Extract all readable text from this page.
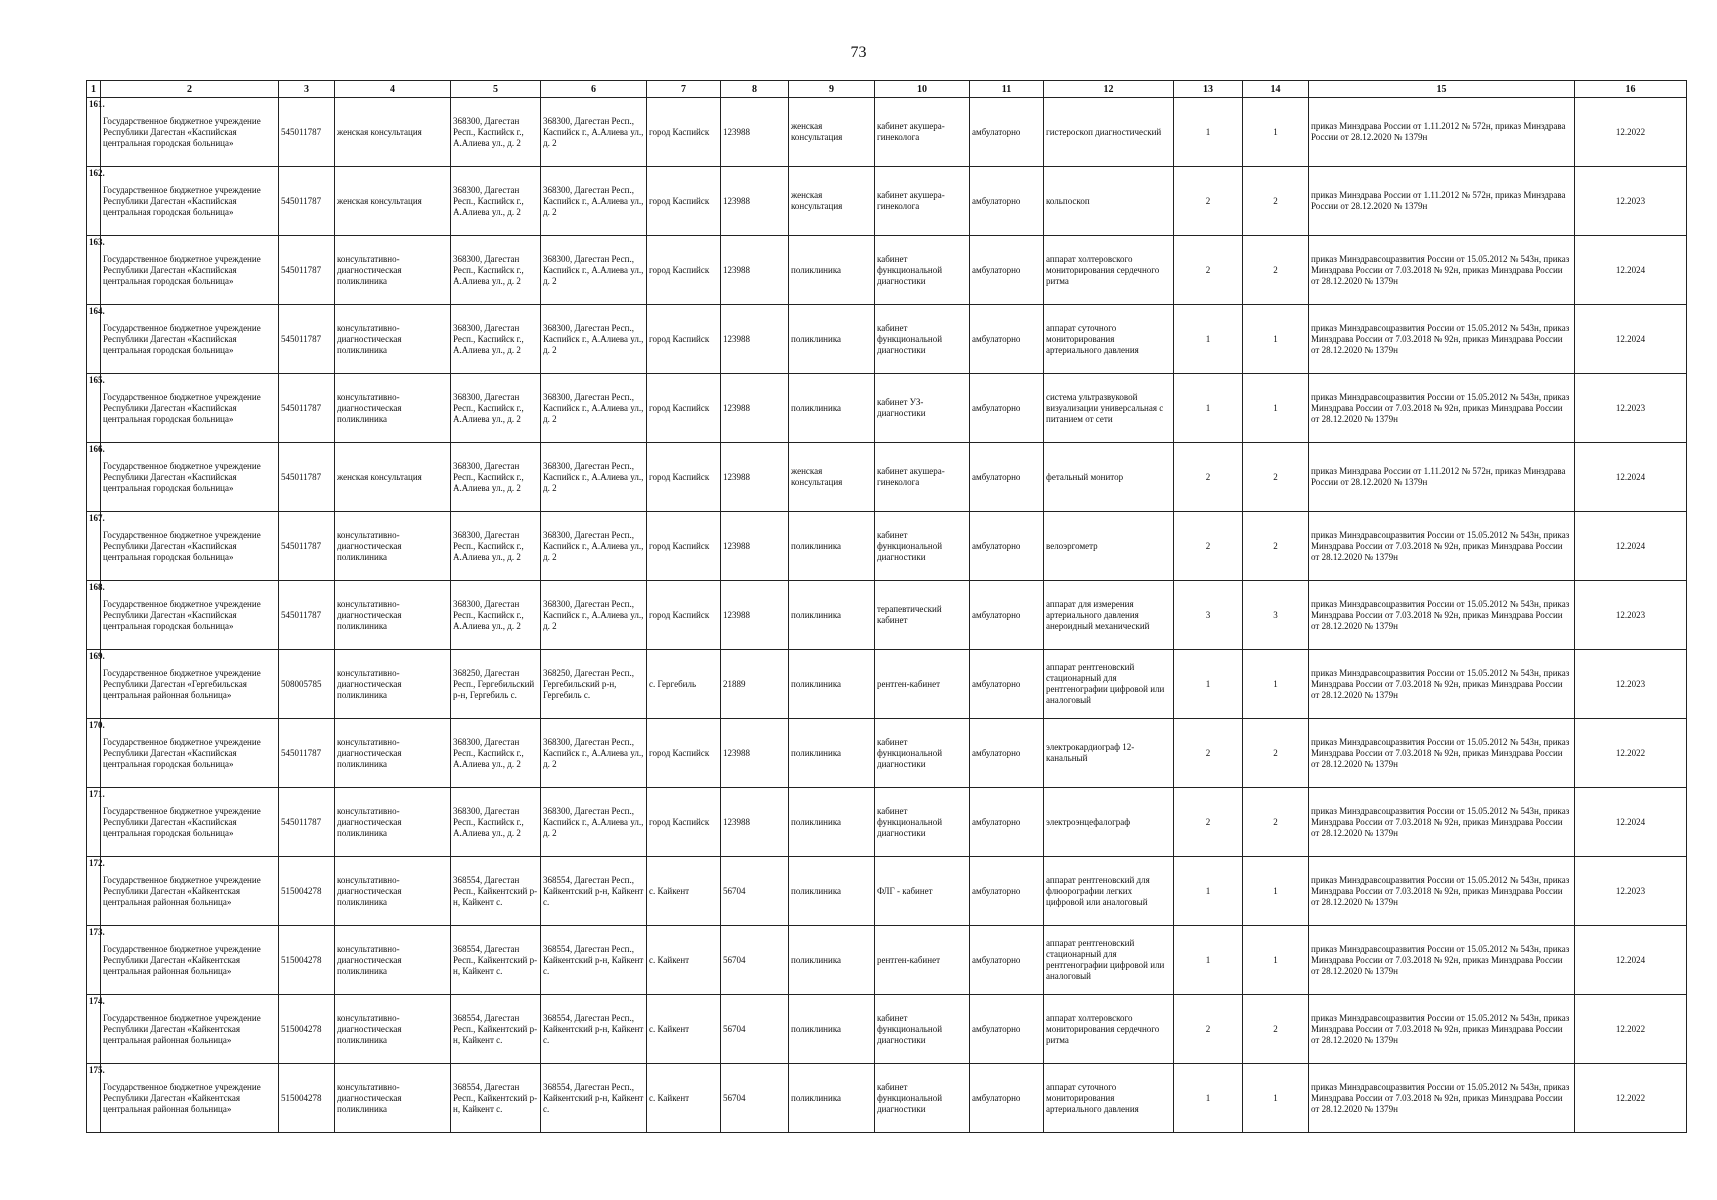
73
1	2	3	4	5	6	7	8	9	10	11	12	13	14	15	16
161.	Государственное бюджетное учреждение Республики Дагестан «Каспийская центральная городская больница»	545011787	женская консультация	368300, Дагестан Респ., Каспийск г., А.Алиева ул., д. 2	368300, Дагестан Респ., Каспийск г., А.Алиева ул., д. 2	город Каспийск	123988	женская консультация	кабинет акушера-гинеколога	амбулаторно	гистероскоп диагностический	1	1	приказ Минздрава России от 1.11.2012 № 572н, приказ Минздрава России от 28.12.2020 № 1379н	12.2022
162.	Государственное бюджетное учреждение Республики Дагестан «Каспийская центральная городская больница»	545011787	женская консультация	368300, Дагестан Респ., Каспийск г., А.Алиева ул., д. 2	368300, Дагестан Респ., Каспийск г., А.Алиева ул., д. 2	город Каспийск	123988	женская консультация	кабинет акушера-гинеколога	амбулаторно	кольпоскоп	2	2	приказ Минздрава России от 1.11.2012 № 572н, приказ Минздрава России от 28.12.2020 № 1379н	12.2023
163.	Государственное бюджетное учреждение Республики Дагестан «Каспийская центральная городская больница»	545011787	консультативно-диагностическая поликлиника	368300, Дагестан Респ., Каспийск г., А.Алиева ул., д. 2	368300, Дагестан Респ., Каспийск г., А.Алиева ул., д. 2	город Каспийск	123988	поликлиника	кабинет функциональной диагностики	амбулаторно	аппарат холтеровского мониторирования сердечного ритма	2	2	приказ Минздравсоцразвития России от 15.05.2012 № 543н, приказ Минздрава России от 7.03.2018 № 92н, приказ Минздрава России от 28.12.2020 № 1379н	12.2024
164.	Государственное бюджетное учреждение Республики Дагестан «Каспийская центральная городская больница»	545011787	консультативно-диагностическая поликлиника	368300, Дагестан Респ., Каспийск г., А.Алиева ул., д. 2	368300, Дагестан Респ., Каспийск г., А.Алиева ул., д. 2	город Каспийск	123988	поликлиника	кабинет функциональной диагностики	амбулаторно	аппарат суточного мониторирования артериального давления	1	1	приказ Минздравсоцразвития России от 15.05.2012 № 543н, приказ Минздрава России от 7.03.2018 № 92н, приказ Минздрава России от 28.12.2020 № 1379н	12.2024
165.	Государственное бюджетное учреждение Республики Дагестан «Каспийская центральная городская больница»	545011787	консультативно-диагностическая поликлиника	368300, Дагестан Респ., Каспийск г., А.Алиева ул., д. 2	368300, Дагестан Респ., Каспийск г., А.Алиева ул., д. 2	город Каспийск	123988	поликлиника	кабинет УЗ-диагностики	амбулаторно	система ультразвуковой визуализации универсальная с питанием от сети	1	1	приказ Минздравсоцразвития России от 15.05.2012 № 543н, приказ Минздрава России от 7.03.2018 № 92н, приказ Минздрава России от 28.12.2020 № 1379н	12.2023
166.	Государственное бюджетное учреждение Республики Дагестан «Каспийская центральная городская больница»	545011787	женская консультация	368300, Дагестан Респ., Каспийск г., А.Алиева ул., д. 2	368300, Дагестан Респ., Каспийск г., А.Алиева ул., д. 2	город Каспийск	123988	женская консультация	кабинет акушера-гинеколога	амбулаторно	фетальный монитор	2	2	приказ Минздрава России от 1.11.2012 № 572н, приказ Минздрава России от 28.12.2020 № 1379н	12.2024
167.	Государственное бюджетное учреждение Республики Дагестан «Каспийская центральная городская больница»	545011787	консультативно-диагностическая поликлиника	368300, Дагестан Респ., Каспийск г., А.Алиева ул., д. 2	368300, Дагестан Респ., Каспийск г., А.Алиева ул., д. 2	город Каспийск	123988	поликлиника	кабинет функциональной диагностики	амбулаторно	велоэргометр	2	2	приказ Минздравсоцразвития России от 15.05.2012 № 543н, приказ Минздрава России от 7.03.2018 № 92н, приказ Минздрава России от 28.12.2020 № 1379н	12.2024
168.	Государственное бюджетное учреждение Республики Дагестан «Каспийская центральная городская больница»	545011787	консультативно-диагностическая поликлиника	368300, Дагестан Респ., Каспийск г., А.Алиева ул., д. 2	368300, Дагестан Респ., Каспийск г., А.Алиева ул., д. 2	город Каспийск	123988	поликлиника	терапевтический кабинет	амбулаторно	аппарат для измерения артериального давления анероидный механический	3	3	приказ Минздравсоцразвития России от 15.05.2012 № 543н, приказ Минздрава России от 7.03.2018 № 92н, приказ Минздрава России от 28.12.2020 № 1379н	12.2023
169.	Государственное бюджетное учреждение Республики Дагестан «Гергебильская центральная районная больница»	508005785	консультативно-диагностическая поликлиника	368250, Дагестан Респ., Гергебильский р-н, Гергебиль с.	368250, Дагестан Респ., Гергебильский р-н, Гергебиль с.	с. Гергебиль	21889	поликлиника	рентген-кабинет	амбулаторно	аппарат рентгеновский стационарный для рентгенографии цифровой или аналоговый	1	1	приказ Минздравсоцразвития России от 15.05.2012 № 543н, приказ Минздрава России от 7.03.2018 № 92н, приказ Минздрава России от 28.12.2020 № 1379н	12.2023
170.	Государственное бюджетное учреждение Республики Дагестан «Каспийская центральная городская больница»	545011787	консультативно-диагностическая поликлиника	368300, Дагестан Респ., Каспийск г., А.Алиева ул., д. 2	368300, Дагестан Респ., Каспийск г., А.Алиева ул., д. 2	город Каспийск	123988	поликлиника	кабинет функциональной диагностики	амбулаторно	электрокардиограф 12-канальный	2	2	приказ Минздравсоцразвития России от 15.05.2012 № 543н, приказ Минздрава России от 7.03.2018 № 92н, приказ Минздрава России от 28.12.2020 № 1379н	12.2022
171.	Государственное бюджетное учреждение Республики Дагестан «Каспийская центральная городская больница»	545011787	консультативно-диагностическая поликлиника	368300, Дагестан Респ., Каспийск г., А.Алиева ул., д. 2	368300, Дагестан Респ., Каспийск г., А.Алиева ул., д. 2	город Каспийск	123988	поликлиника	кабинет функциональной диагностики	амбулаторно	электроэнцефалограф	2	2	приказ Минздравсоцразвития России от 15.05.2012 № 543н, приказ Минздрава России от 7.03.2018 № 92н, приказ Минздрава России от 28.12.2020 № 1379н	12.2024
172.	Государственное бюджетное учреждение Республики Дагестан «Кайкентская центральная районная больница»	515004278	консультативно-диагностическая поликлиника	368554, Дагестан Респ., Кайкентский р-н, Кайкент с.	368554, Дагестан Респ., Кайкентский р-н, Кайкент с.	с. Кайкент	56704	поликлиника	ФЛГ - кабинет	амбулаторно	аппарат рентгеновский для флюорографии легких цифровой или аналоговый	1	1	приказ Минздравсоцразвития России от 15.05.2012 № 543н, приказ Минздрава России от 7.03.2018 № 92н, приказ Минздрава России от 28.12.2020 № 1379н	12.2023
173.	Государственное бюджетное учреждение Республики Дагестан «Кайкентская центральная районная больница»	515004278	консультативно-диагностическая поликлиника	368554, Дагестан Респ., Кайкентский р-н, Кайкент с.	368554, Дагестан Респ., Кайкентский р-н, Кайкент с.	с. Кайкент	56704	поликлиника	рентген-кабинет	амбулаторно	аппарат рентгеновский стационарный для рентгенографии цифровой или аналоговый	1	1	приказ Минздравсоцразвития России от 15.05.2012 № 543н, приказ Минздрава России от 7.03.2018 № 92н, приказ Минздрава России от 28.12.2020 № 1379н	12.2024
174.	Государственное бюджетное учреждение Республики Дагестан «Кайкентская центральная районная больница»	515004278	консультативно-диагностическая поликлиника	368554, Дагестан Респ., Кайкентский р-н, Кайкент с.	368554, Дагестан Респ., Кайкентский р-н, Кайкент с.	с. Кайкент	56704	поликлиника	кабинет функциональной диагностики	амбулаторно	аппарат холтеровского мониторирования сердечного ритма	2	2	приказ Минздравсоцразвития России от 15.05.2012 № 543н, приказ Минздрава России от 7.03.2018 № 92н, приказ Минздрава России от 28.12.2020 № 1379н	12.2022
175.	Государственное бюджетное учреждение Республики Дагестан «Кайкентская центральная районная больница»	515004278	консультативно-диагностическая поликлиника	368554, Дагестан Респ., Кайкентский р-н, Кайкент с.	368554, Дагестан Респ., Кайкентский р-н, Кайкент с.	с. Кайкент	56704	поликлиника	кабинет функциональной диагностики	амбулаторно	аппарат суточного мониторирования артериального давления	1	1	приказ Минздравсоцразвития России от 15.05.2012 № 543н, приказ Минздрава России от 7.03.2018 № 92н, приказ Минздрава России от 28.12.2020 № 1379н	12.2022
